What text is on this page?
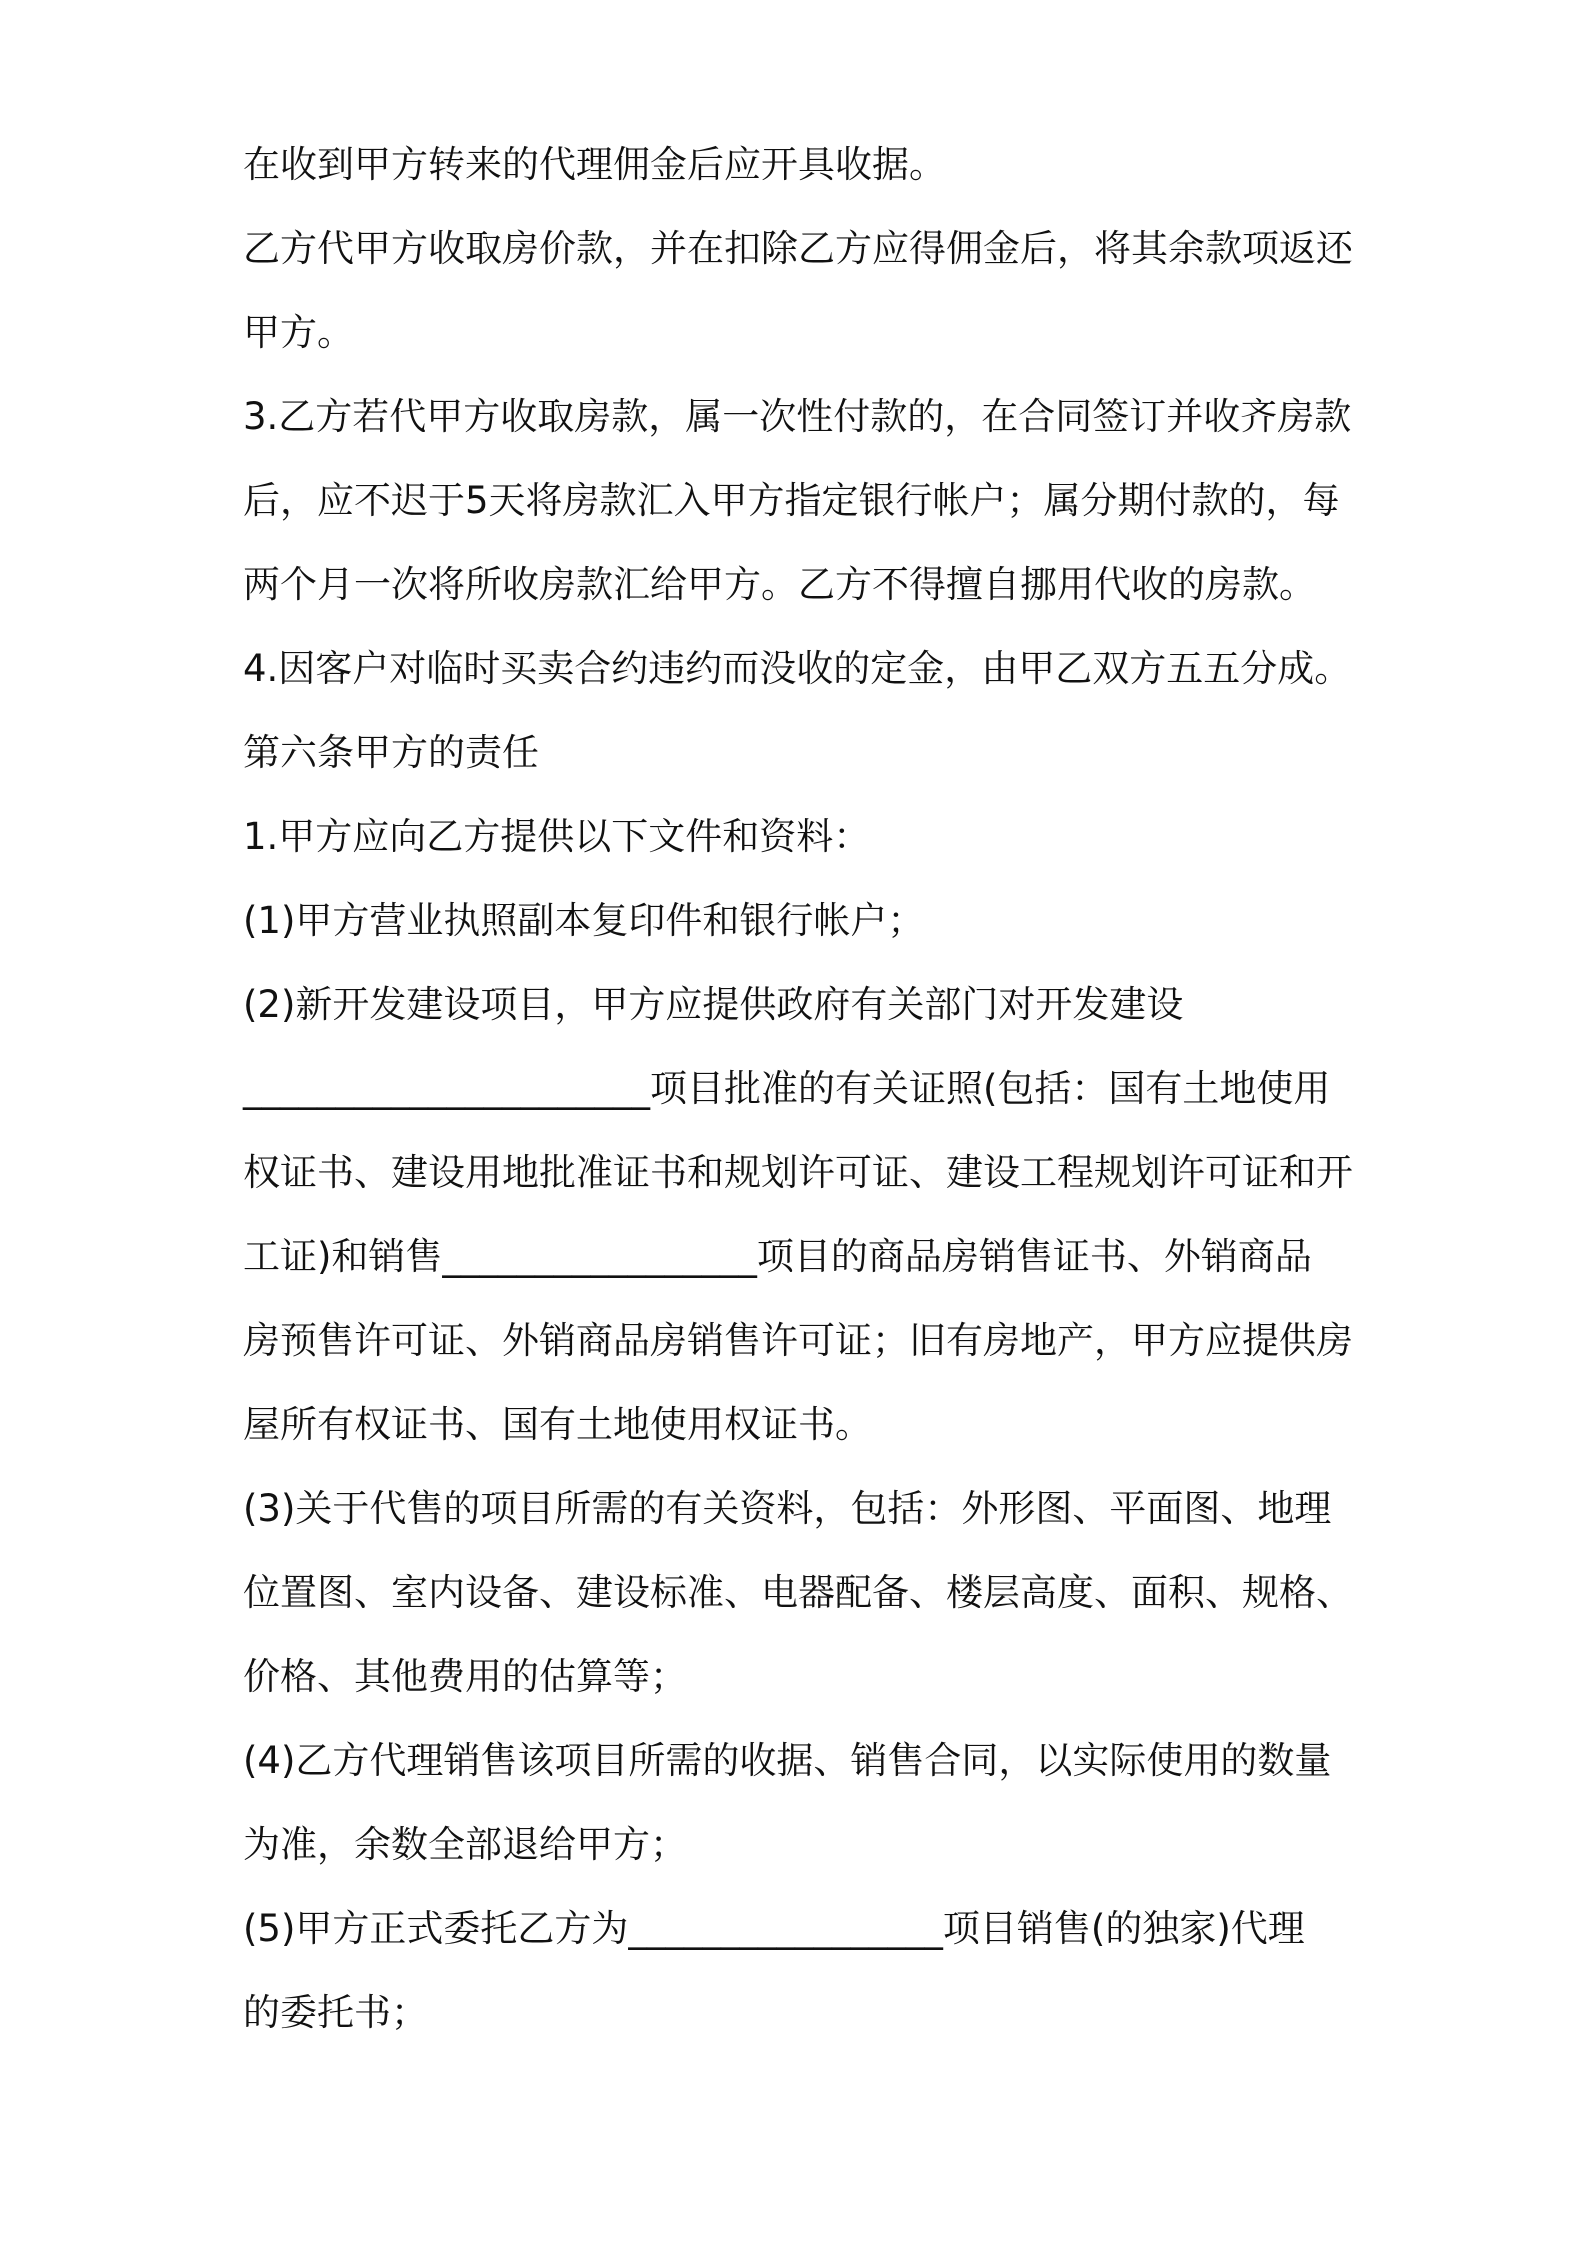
在收到甲方转来的代理佣金后应开具收据。
乙方代甲方收取房价款，并在扣除乙方应得佣金后，将其余款项返还
甲方。
3.乙方若代甲方收取房款，属一次性付款的，在合同签订并收齐房款
后，应不迟于5天将房款汇入甲方指定银行帐户；属分期付款的，每
两个月一次将所收房款汇给甲方。乙方不得擅自挪用代收的房款。
4.因客户对临时买卖合约违约而没收的定金，由甲乙双方五五分成。
第六条甲方的责任
1.甲方应向乙方提供以下文件和资料：
(1)甲方营业执照副本复印件和银行帐户；
(2)新开发建设项目，甲方应提供政府有关部门对开发建设
______________________项目批准的有关证照(包括：国有土地使用
权证书、建设用地批准证书和规划许可证、建设工程规划许可证和开
工证)和销售_________________项目的商品房销售证书、外销商品
房预售许可证、外销商品房销售许可证；旧有房地产，甲方应提供房
屋所有权证书、国有土地使用权证书。
(3)关于代售的项目所需的有关资料，包括：外形图、平面图、地理
位置图、室内设备、建设标准、电器配备、楼层高度、面积、规格、
价格、其他费用的估算等；
(4)乙方代理销售该项目所需的收据、销售合同，以实际使用的数量
为准，余数全部退给甲方；
(5)甲方正式委托乙方为_________________项目销售(的独家)代理
的委托书；
